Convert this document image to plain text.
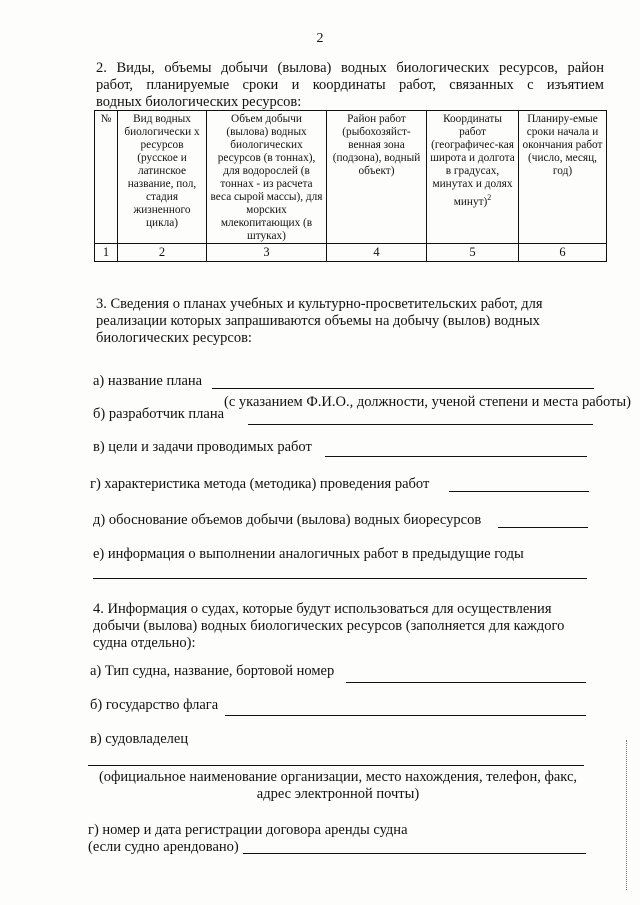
2
2. Виды, объемы добычи (вылова) водных биологических ресурсов, район
работ, планируемые сроки и координаты работ, связанных с изъятием
водных биологических ресурсов:
№	Вид водных биологически х ресурсов (русское и латинское название, пол, стадия жизненного цикла)	Объем добычи (вылова) водных биологических ресурсов (в тоннах), для водорослей (в тоннах - из расчета веса сырой массы), для морских млекопитающих (в штуках)	Район работ (рыбохозяйст-венная зона (подзона), водный объект)	Координаты работ (географичес-кая широта и долгота в градусах, минутах и долях минут)$^2$	Планиру-емые сроки начала и окончания работ (число, месяц, год)
1	2	3	4	5	6
3. Сведения о планах учебных и культурно-просветительских работ, для
реализации которых запрашиваются объемы на добычу (вылов) водных
биологических ресурсов:
а) название плана
(с указанием Ф.И.О., должности, ученой степени и места работы)
б) разработчик плана
в) цели и задачи проводимых работ
г) характеристика метода (методика) проведения работ
д) обоснование объемов добычи (вылова) водных биоресурсов
е) информация о выполнении аналогичных работ в предыдущие годы
4. Информация о судах, которые будут использоваться для осуществления
добычи (вылова) водных биологических ресурсов (заполняется для каждого
судна отдельно):
а) Тип судна, название, бортовой номер
б) государство флага
в) судовладелец
(официальное наименование организации, место нахождения, телефон, факс,
адрес электронной почты)
г) номер и дата регистрации договора аренды судна
(если судно арендовано)
